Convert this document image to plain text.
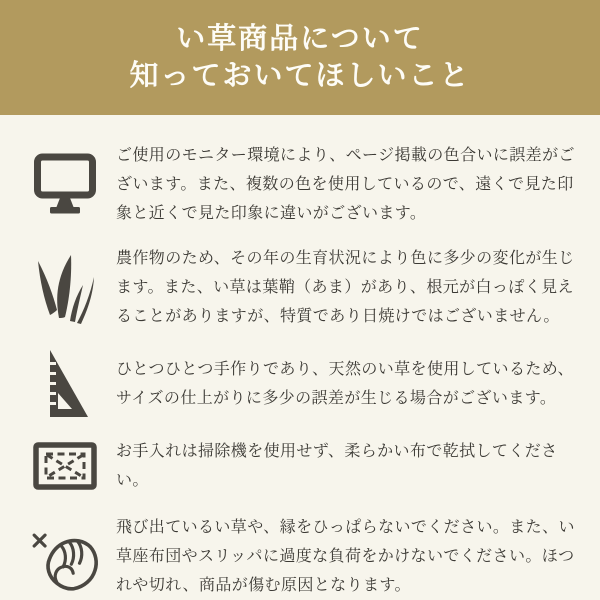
い草商品について
知っておいてほしいこと
ご使用のモニター環境により、ページ掲載の色合いに誤差がございます。また、複数の色を使用しているので、遠くで見た印象と近くで見た印象に違いがございます。
農作物のため、その年の生育状況により色に多少の変化が生じます。また、い草は葉鞘（あま）があり、根元が白っぽく見えることがありますが、特質であり日焼けではございません。
ひとつひとつ手作りであり、天然のい草を使用しているため、サイズの仕上がりに多少の誤差が生じる場合がございます。
お手入れは掃除機を使用せず、柔らかい布で乾拭してください。
飛び出ているい草や、縁をひっぱらないでください。また、い草座布団やスリッパに過度な負荷をかけないでください。ほつれや切れ、商品が傷む原因となります。
